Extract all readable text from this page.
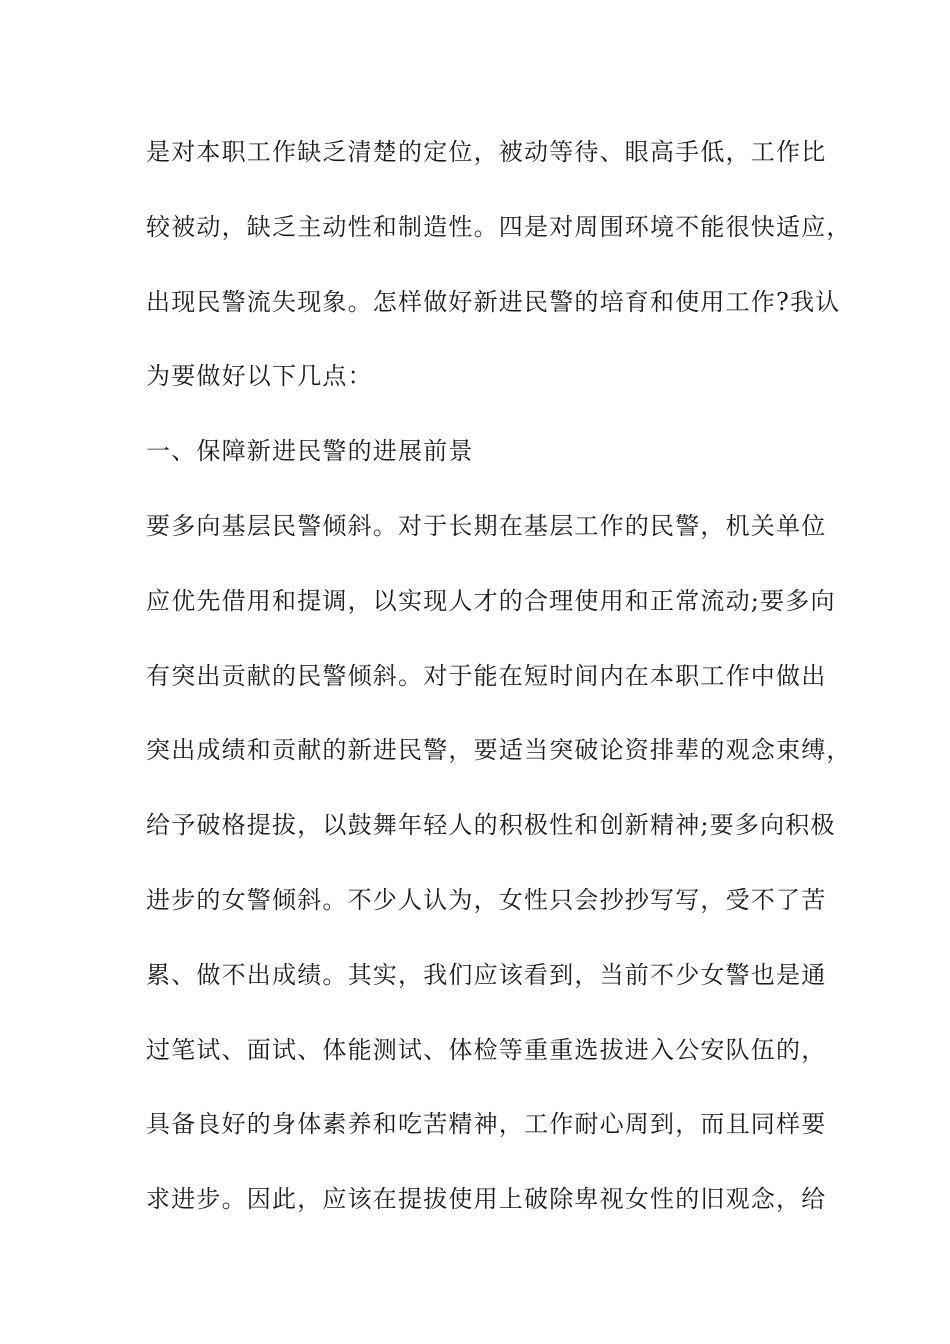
是对本职工作缺乏清楚的定位，被动等待、眼高手低，工作比
较被动，缺乏主动性和制造性。四是对周围环境不能很快适应，
出现民警流失现象。怎样做好新进民警的培育和使用工作?我认
为要做好以下几点：
一、保障新进民警的进展前景
要多向基层民警倾斜。对于长期在基层工作的民警，机关单位
应优先借用和提调，以实现人才的合理使用和正常流动;要多向
有突出贡献的民警倾斜。对于能在短时间内在本职工作中做出
突出成绩和贡献的新进民警，要适当突破论资排辈的观念束缚，
给予破格提拔，以鼓舞年轻人的积极性和创新精神;要多向积极
进步的女警倾斜。不少人认为，女性只会抄抄写写，受不了苦
累、做不出成绩。其实，我们应该看到，当前不少女警也是通
过笔试、面试、体能测试、体检等重重选拔进入公安队伍的，
具备良好的身体素养和吃苦精神，工作耐心周到，而且同样要
求进步。因此，应该在提拔使用上破除卑视女性的旧观念，给
